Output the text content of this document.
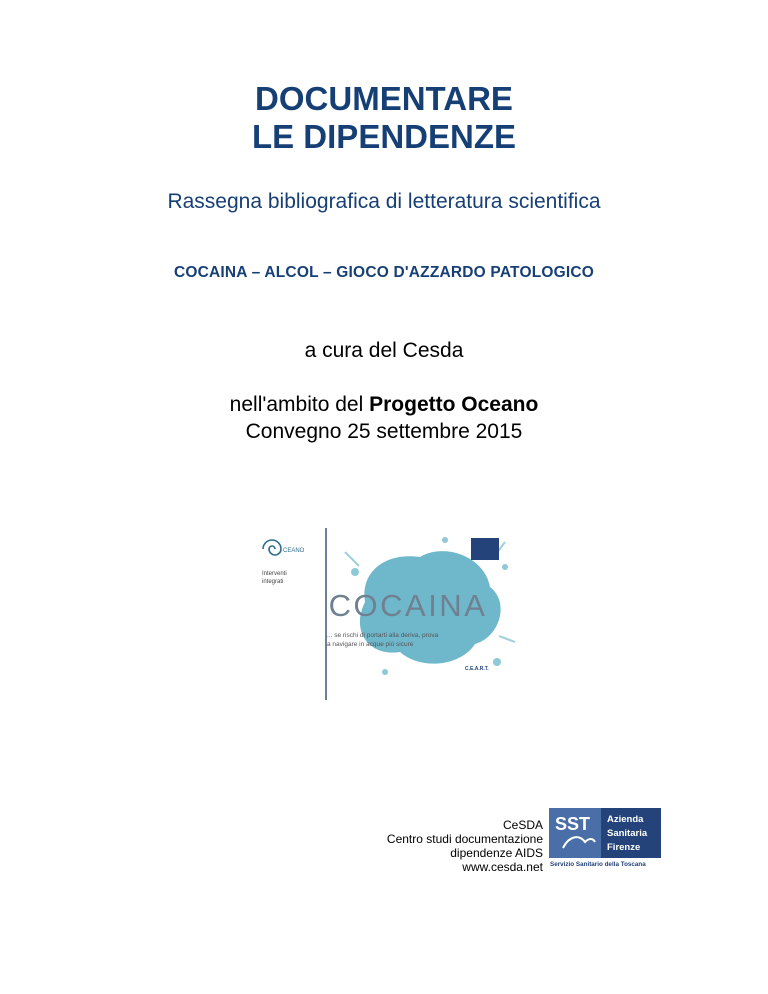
DOCUMENTARE
LE DIPENDENZE
Rassegna bibliografica di letteratura scientifica
COCAINA – ALCOL – GIOCO D'AZZARDO PATOLOGICO
a cura del Cesda
nell'ambito del Progetto Oceano
Convegno 25 settembre 2015
CEANO
Interventi
integrati
COCAINA
... se rischi di portarti alla deriva, prova
a navigare in acque più sicure
C.E.A.R.T.
CeSDA
Centro studi documentazione
dipendenze AIDS
www.cesda.net
SST Azienda
Sanitaria
Firenze
Servizio Sanitario della Toscana
